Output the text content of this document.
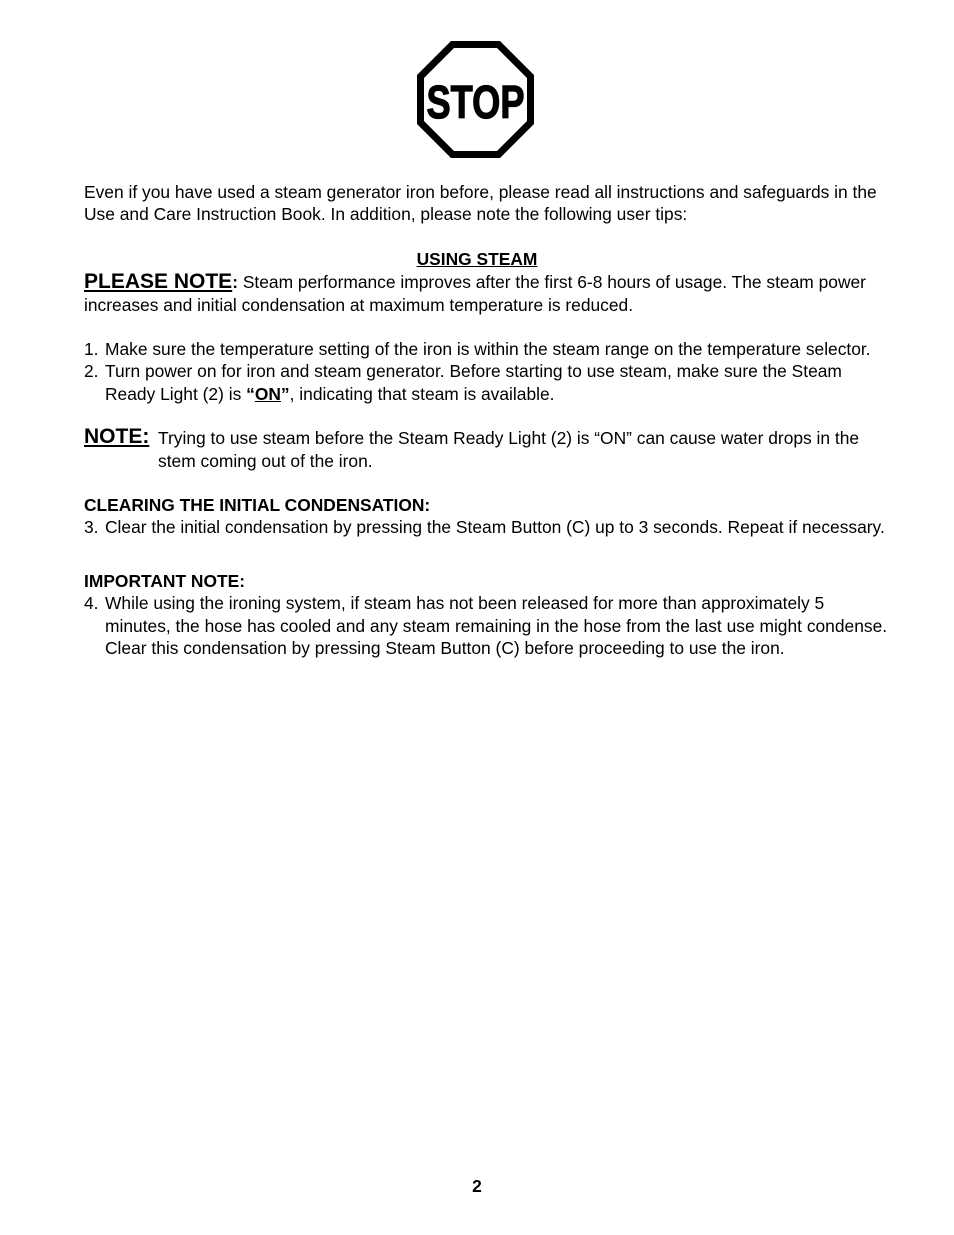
STOP

Even if you have used a steam generator iron before, please read all instructions and safeguards in the Use and Care Instruction Book. In addition, please note the following user tips:

USING STEAM

PLEASE NOTE: Steam performance improves after the first 6-8 hours of usage. The steam power increases and initial condensation at maximum temperature is reduced.

1. Make sure the temperature setting of the iron is within the steam range on the temperature selector.
2. Turn power on for iron and steam generator. Before starting to use steam, make sure the Steam Ready Light (2) is “ON”, indicating that steam is available.
NOTE: Trying to use steam before the Steam Ready Light (2) is “ON” can cause water drops in the stem coming out of the iron.

CLEARING THE INITIAL CONDENSATION:

3. Clear the initial condensation by pressing the Steam Button (C) up to 3 seconds. Repeat if necessary.

IMPORTANT NOTE:

4. While using the ironing system, if steam has not been released for more than approximately 5 minutes, the hose has cooled and any steam remaining in the hose from the last use might condense. Clear this condensation by pressing Steam Button (C) before proceeding to use the iron.
2
